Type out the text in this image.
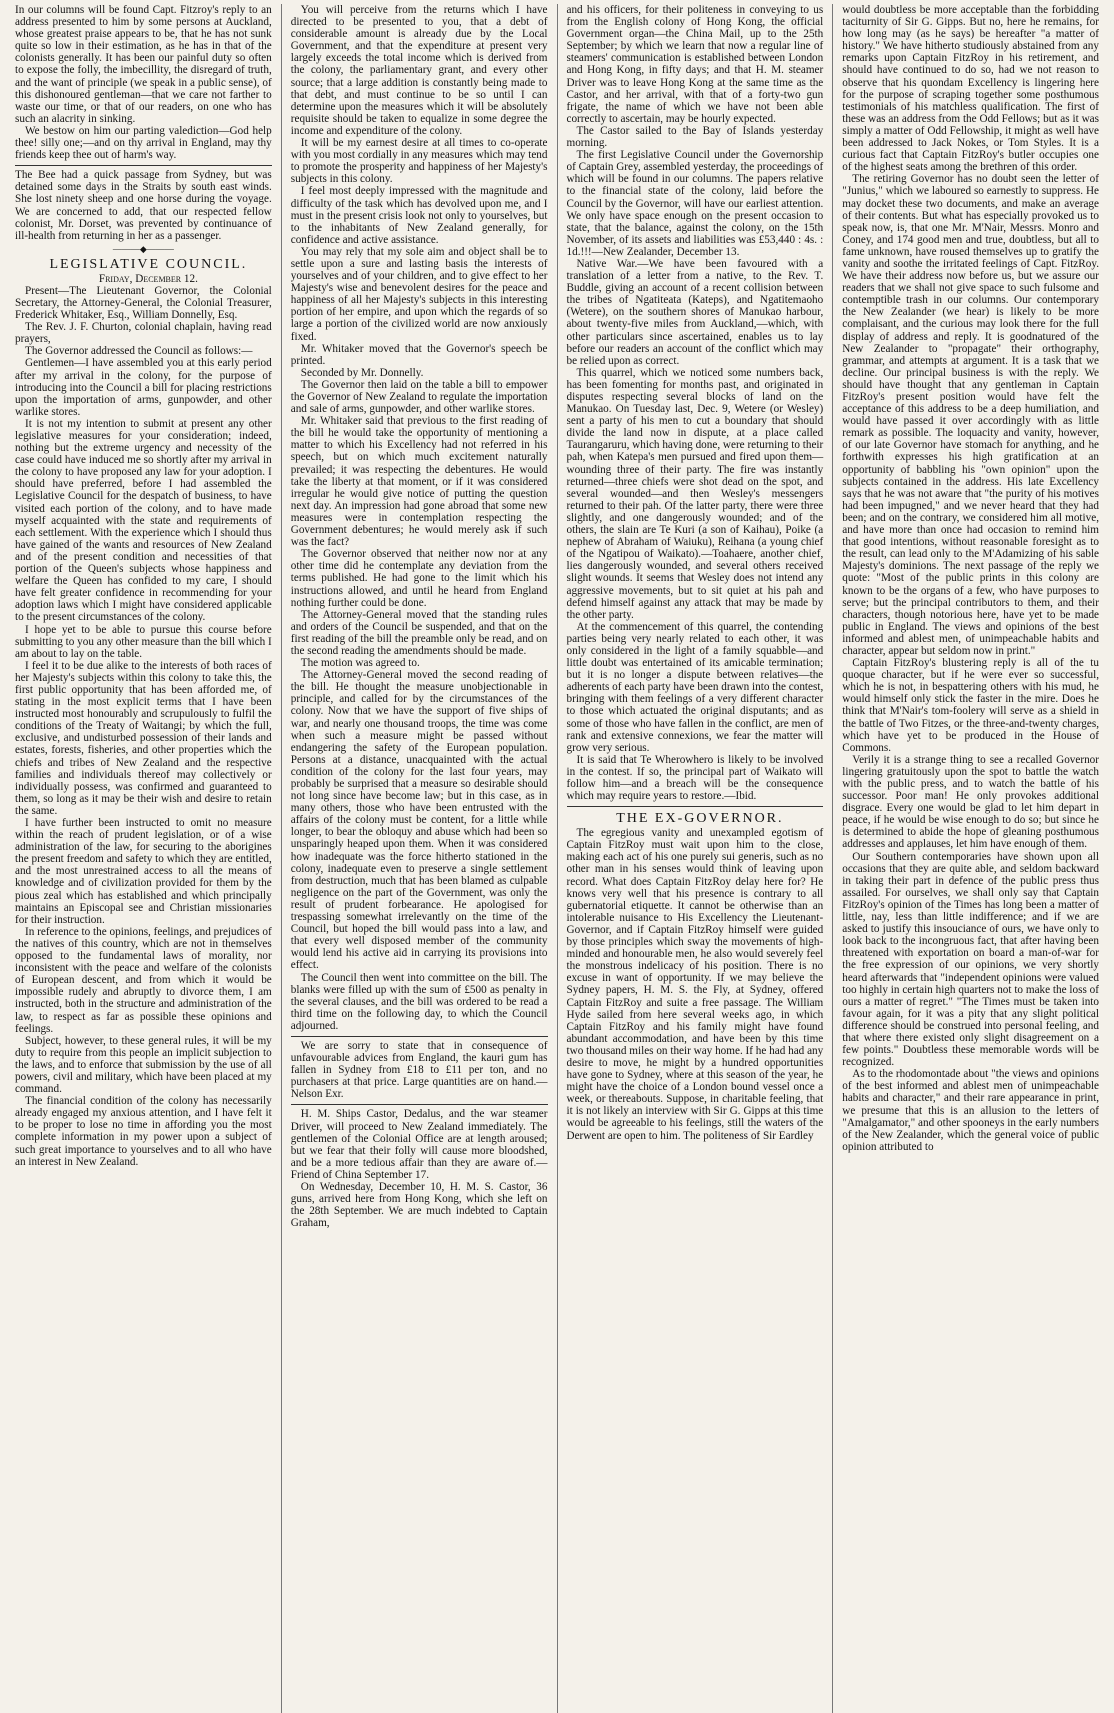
In our columns will be found Capt. Fitzroy's reply to an address presented to him by some persons at Auckland, whose greatest praise appears to be, that he has not sunk quite so low in their estimation, as he has in that of the colonists generally. It has been our painful duty so often to expose the folly, the imbecillity, the disregard of truth, and the want of principle (we speak in a public sense), of this dishonoured gentleman—that we care not farther to waste our time, or that of our readers, on one who has such an alacrity in sinking.

We bestow on him our parting valediction—God help thee! silly one;—and on thy arrival in England, may thy friends keep thee out of harm's way.

The Bee had a quick passage from Sydney, but was detained some days in the Straits by south east winds. She lost ninety sheep and one horse during the voyage. We are concerned to add, that our respected fellow colonist, Mr. Dorset, was prevented by continuance of ill-health from returning in her as a passenger.

———◆———

LEGISLATIVE COUNCIL.

Friday, December 12.

Present—The Lieutenant Governor, the Colonial Secretary, the Attorney-General, the Colonial Treasurer, Frederick Whitaker, Esq., William Donnelly, Esq.

The Rev. J. F. Churton, colonial chaplain, having read prayers,

The Governor addressed the Council as follows:—

Gentlemen—I have assembled you at this early period after my arrival in the colony, for the purpose of introducing into the Council a bill for placing restrictions upon the importation of arms, gunpowder, and other warlike stores.

It is not my intention to submit at present any other legislative measures for your consideration; indeed, nothing but the extreme urgency and necessity of the case could have induced me so shortly after my arrival in the colony to have proposed any law for your adoption. I should have preferred, before I had assembled the Legislative Council for the despatch of business, to have visited each portion of the colony, and to have made myself acquainted with the state and requirements of each settlement. With the experience which I should thus have gained of the wants and resources of New Zealand and of the present condition and necessities of that portion of the Queen's subjects whose happiness and welfare the Queen has confided to my care, I should have felt greater confidence in recommending for your adoption laws which I might have considered applicable to the present circumstances of the colony.

I hope yet to be able to pursue this course before submitting to you any other measure than the bill which I am about to lay on the table.

I feel it to be due alike to the interests of both races of her Majesty's subjects within this colony to take this, the first public opportunity that has been afforded me, of stating in the most explicit terms that I have been instructed most honourably and scrupulously to fulfil the conditions of the Treaty of Waitangi; by which the full, exclusive, and undisturbed possession of their lands and estates, forests, fisheries, and other properties which the chiefs and tribes of New Zealand and the respective families and individuals thereof may collectively or individually possess, was confirmed and guaranteed to them, so long as it may be their wish and desire to retain the same.

I have further been instructed to omit no measure within the reach of prudent legislation, or of a wise administration of the law, for securing to the aborigines the present freedom and safety to which they are entitled, and the most unrestrained access to all the means of knowledge and of civilization provided for them by the pious zeal which has established and which principally maintains an Episcopal see and Christian missionaries for their instruction.

In reference to the opinions, feelings, and prejudices of the natives of this country, which are not in themselves opposed to the fundamental laws of morality, nor inconsistent with the peace and welfare of the colonists of European descent, and from which it would be impossible rudely and abruptly to divorce them, I am instructed, both in the structure and administration of the law, to respect as far as possible these opinions and feelings.

Subject, however, to these general rules, it will be my duty to require from this people an implicit subjection to the laws, and to enforce that submission by the use of all powers, civil and military, which have been placed at my command.

The financial condition of the colony has necessarily already engaged my anxious attention, and I have felt it to be proper to lose no time in affording you the most complete information in my power upon a subject of such great importance to yourselves and to all who have an interest in New Zealand.

You will perceive from the returns which I have directed to be presented to you, that a debt of considerable amount is already due by the Local Government, and that the expenditure at present very largely exceeds the total income which is derived from the colony, the parliamentary grant, and every other source; that a large addition is constantly being made to that debt, and must continue to be so until I can determine upon the measures which it will be absolutely requisite should be taken to equalize in some degree the income and expenditure of the colony.

It will be my earnest desire at all times to co-operate with you most cordially in any measures which may tend to promote the prosperity and happiness of her Majesty's subjects in this colony.

I feel most deeply impressed with the magnitude and difficulty of the task which has devolved upon me, and I must in the present crisis look not only to yourselves, but to the inhabitants of New Zealand generally, for confidence and active assistance.

You may rely that my sole aim and object shall be to settle upon a sure and lasting basis the interests of yourselves and of your children, and to give effect to her Majesty's wise and benevolent desires for the peace and happiness of all her Majesty's subjects in this interesting portion of her empire, and upon which the regards of so large a portion of the civilized world are now anxiously fixed.

Mr. Whitaker moved that the Governor's speech be printed.

Seconded by Mr. Donnelly.

The Governor then laid on the table a bill to empower the Governor of New Zealand to regulate the importation and sale of arms, gunpowder, and other warlike stores.

Mr. Whitaker said that previous to the first reading of the bill he would take the opportunity of mentioning a matter to which his Excellency had not referred in his speech, but on which much excitement naturally prevailed; it was respecting the debentures. He would take the liberty at that moment, or if it was considered irregular he would give notice of putting the question next day. An impression had gone abroad that some new measures were in contemplation respecting the Government debentures; he would merely ask if such was the fact?

The Governor observed that neither now nor at any other time did he contemplate any deviation from the terms published. He had gone to the limit which his instructions allowed, and until he heard from England nothing further could be done.

The Attorney-General moved that the standing rules and orders of the Council be suspended, and that on the first reading of the bill the preamble only be read, and on the second reading the amendments should be made.

The motion was agreed to.

The Attorney-General moved the second reading of the bill. He thought the measure unobjectionable in principle, and called for by the circumstances of the colony. Now that we have the support of five ships of war, and nearly one thousand troops, the time was come when such a measure might be passed without endangering the safety of the European population. Persons at a distance, unacquainted with the actual condition of the colony for the last four years, may probably be surprised that a measure so desirable should not long since have become law; but in this case, as in many others, those who have been entrusted with the affairs of the colony must be content, for a little while longer, to bear the obloquy and abuse which had been so unsparingly heaped upon them. When it was considered how inadequate was the force hitherto stationed in the colony, inadequate even to preserve a single settlement from destruction, much that has been blamed as culpable negligence on the part of the Government, was only the result of prudent forbearance. He apologised for trespassing somewhat irrelevantly on the time of the Council, but hoped the bill would pass into a law, and that every well disposed member of the community would lend his active aid in carrying its provisions into effect.

The Council then went into committee on the bill. The blanks were filled up with the sum of £500 as penalty in the several clauses, and the bill was ordered to be read a third time on the following day, to which the Council adjourned.

We are sorry to state that in consequence of unfavourable advices from England, the kauri gum has fallen in Sydney from £18 to £11 per ton, and no purchasers at that price. Large quantities are on hand.—Nelson Exr.

H. M. Ships Castor, Dedalus, and the war steamer Driver, will proceed to New Zealand immediately. The gentlemen of the Colonial Office are at length aroused; but we fear that their folly will cause more bloodshed, and be a more tedious affair than they are aware of.—Friend of China September 17.

On Wednesday, December 10, H. M. S. Castor, 36 guns, arrived here from Hong Kong, which she left on the 28th September. We are much indebted to Captain Graham,

and his officers, for their politeness in conveying to us from the English colony of Hong Kong, the official Government organ—the China Mail, up to the 25th September; by which we learn that now a regular line of steamers' communication is established between London and Hong Kong, in fifty days; and that H. M. steamer Driver was to leave Hong Kong at the same time as the Castor, and her arrival, with that of a forty-two gun frigate, the name of which we have not been able correctly to ascertain, may be hourly expected.

The Castor sailed to the Bay of Islands yesterday morning.

The first Legislative Council under the Governorship of Captain Grey, assembled yesterday, the proceedings of which will be found in our columns. The papers relative to the financial state of the colony, laid before the Council by the Governor, will have our earliest attention. We only have space enough on the present occasion to state, that the balance, against the colony, on the 15th November, of its assets and liabilities was £53,440 : 4s. : 1d.!!!—New Zealander, December 13.

Native War.—We have been favoured with a translation of a letter from a native, to the Rev. T. Buddle, giving an account of a recent collision between the tribes of Ngatiteata (Kateps), and Ngatitemaoho (Wetere), on the southern shores of Manukao harbour, about twenty-five miles from Auckland,—which, with other particulars since ascertained, enables us to lay before our readers an account of the conflict which may be relied upon as correct.

This quarrel, which we noticed some numbers back, has been fomenting for months past, and originated in disputes respecting several blocks of land on the Manukao. On Tuesday last, Dec. 9, Wetere (or Wesley) sent a party of his men to cut a boundary that should divide the land now in dispute, at a place called Taurangaruru, which having done, were returning to their pah, when Katepa's men pursued and fired upon them—wounding three of their party. The fire was instantly returned—three chiefs were shot dead on the spot, and several wounded—and then Wesley's messengers returned to their pah. Of the latter party, there were three slightly, and one dangerously wounded; and of the others, the slain are Te Kuri (a son of Kaihau), Poike (a nephew of Abraham of Waiuku), Reihana (a young chief of the Ngatipou of Waikato).—Toahaere, another chief, lies dangerously wounded, and several others received slight wounds. It seems that Wesley does not intend any aggressive movements, but to sit quiet at his pah and defend himself against any attack that may be made by the other party.

At the commencement of this quarrel, the contending parties being very nearly related to each other, it was only considered in the light of a family squabble—and little doubt was entertained of its amicable termination; but it is no longer a dispute between relatives—the adherents of each party have been drawn into the contest, bringing with them feelings of a very different character to those which actuated the original disputants; and as some of those who have fallen in the conflict, are men of rank and extensive connexions, we fear the matter will grow very serious.

It is said that Te Wherowhero is likely to be involved in the contest. If so, the principal part of Waikato will follow him—and a breach will be the consequence which may require years to restore.—Ibid.

THE EX-GOVERNOR.

The egregious vanity and unexampled egotism of Captain FitzRoy must wait upon him to the close, making each act of his one purely sui generis, such as no other man in his senses would think of leaving upon record. What does Captain FitzRoy delay here for? He knows very well that his presence is contrary to all gubernatorial etiquette. It cannot be otherwise than an intolerable nuisance to His Excellency the Lieutenant-Governor, and if Captain FitzRoy himself were guided by those principles which sway the movements of high-minded and honourable men, he also would severely feel the monstrous indelicacy of his position. There is no excuse in want of opportunity. If we may believe the Sydney papers, H. M. S. the Fly, at Sydney, offered Captain FitzRoy and suite a free passage. The William Hyde sailed from here several weeks ago, in which Captain FitzRoy and his family might have found abundant accommodation, and have been by this time two thousand miles on their way home. If he had had any desire to move, he might by a hundred opportunities have gone to Sydney, where at this season of the year, he might have the choice of a London bound vessel once a week, or thereabouts. Suppose, in charitable feeling, that it is not likely an interview with Sir G. Gipps at this time would be agreeable to his feelings, still the waters of the Derwent are open to him. The politeness of Sir Eardley

would doubtless be more acceptable than the forbidding taciturnity of Sir G. Gipps. But no, here he remains, for how long may (as he says) be hereafter "a matter of history." We have hitherto studiously abstained from any remarks upon Captain FitzRoy in his retirement, and should have continued to do so, had we not reason to observe that his quondam Excellency is lingering here for the purpose of scraping together some posthumous testimonials of his matchless qualification. The first of these was an address from the Odd Fellows; but as it was simply a matter of Odd Fellowship, it might as well have been addressed to Jack Nokes, or Tom Styles. It is a curious fact that Captain FitzRoy's butler occupies one of the highest seats among the brethren of this order.

The retiring Governor has no doubt seen the letter of "Junius," which we laboured so earnestly to suppress. He may docket these two documents, and make an average of their contents. But what has especially provoked us to speak now, is, that one Mr. M'Nair, Messrs. Monro and Coney, and 174 good men and true, doubtless, but all to fame unknown, have roused themselves up to gratify the vanity and soothe the irritated feelings of Capt. FitzRoy. We have their address now before us, but we assure our readers that we shall not give space to such fulsome and contemptible trash in our columns. Our contemporary the New Zealander (we hear) is likely to be more complaisant, and the curious may look there for the full display of address and reply. It is goodnatured of the New Zealander to "propagate" their orthography, grammar, and attempts at argument. It is a task that we decline. Our principal business is with the reply. We should have thought that any gentleman in Captain FitzRoy's present position would have felt the acceptance of this address to be a deep humiliation, and would have passed it over accordingly with as little remark as possible. The loquacity and vanity, however, of our late Governor have stomach for anything, and he forthwith expresses his high gratification at an opportunity of babbling his "own opinion" upon the subjects contained in the address. His late Excellency says that he was not aware that "the purity of his motives had been impugned," and we never heard that they had been; and on the contrary, we considered him all motive, and have more than once had occasion to remind him that good intentions, without reasonable foresight as to the result, can lead only to the M'Adamizing of his sable Majesty's dominions. The next passage of the reply we quote: "Most of the public prints in this colony are known to be the organs of a few, who have purposes to serve; but the principal contributors to them, and their characters, though notorious here, have yet to be made public in England. The views and opinions of the best informed and ablest men, of unimpeachable habits and character, appear but seldom now in print."

Captain FitzRoy's blustering reply is all of the tu quoque character, but if he were ever so successful, which he is not, in bespattering others with his mud, he would himself only stick the faster in the mire. Does he think that M'Nair's tom-foolery will serve as a shield in the battle of Two Fitzes, or the three-and-twenty charges, which have yet to be produced in the House of Commons.

Verily it is a strange thing to see a recalled Governor lingering gratuitously upon the spot to battle the watch with the public press, and to watch the battle of his successor. Poor man! He only provokes additional disgrace. Every one would be glad to let him depart in peace, if he would be wise enough to do so; but since he is determined to abide the hope of gleaning posthumous addresses and applauses, let him have enough of them.

Our Southern contemporaries have shown upon all occasions that they are quite able, and seldom backward in taking their part in defence of the public press thus assailed. For ourselves, we shall only say that Captain FitzRoy's opinion of the Times has long been a matter of little, nay, less than little indifference; and if we are asked to justify this insouciance of ours, we have only to look back to the incongruous fact, that after having been threatened with exportation on board a man-of-war for the free expression of our opinions, we very shortly heard afterwards that "independent opinions were valued too highly in certain high quarters not to make the loss of ours a matter of regret." "The Times must be taken into favour again, for it was a pity that any slight political difference should be construed into personal feeling, and that where there existed only slight disagreement on a few points." Doubtless these memorable words will be recognized.

As to the rhodomontade about "the views and opinions of the best informed and ablest men of unimpeachable habits and character," and their rare appearance in print, we presume that this is an allusion to the letters of "Amalgamator," and other spooneys in the early numbers of the New Zealander, which the general voice of public opinion attributed to
